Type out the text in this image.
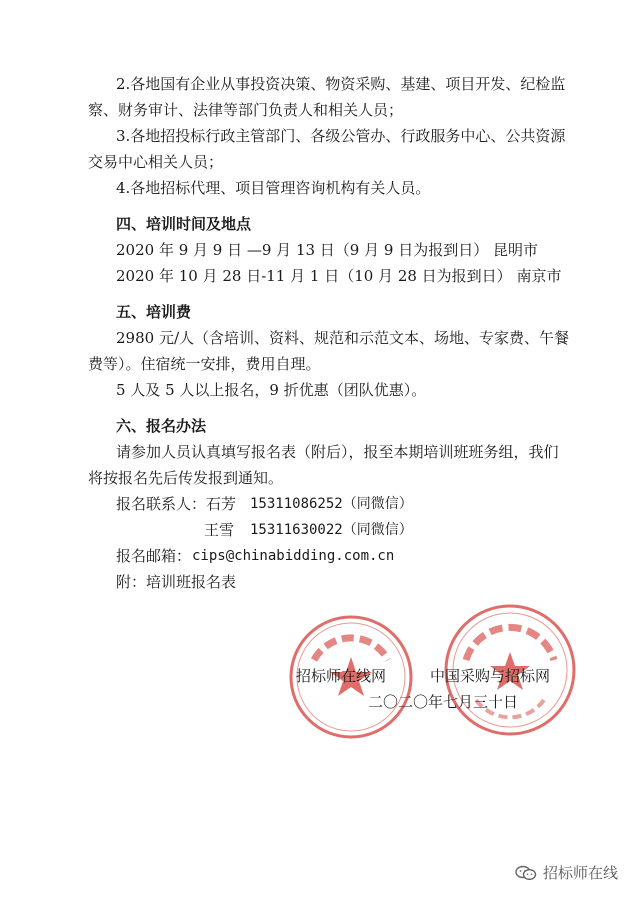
2.各地国有企业从事投资决策、物资采购、基建、项目开发、纪检监
察、财务审计、法律等部门负责人和相关人员；
3.各地招投标行政主管部门、各级公管办、行政服务中心、公共资源
交易中心相关人员；
4.各地招标代理、项目管理咨询机构有关人员。
四、培训时间及地点
2020 年 9 月 9 日 —9 月 13 日（9 月 9 日为报到日） 昆明市
2020 年 10 月 28 日-11 月 1 日（10 月 28 日为报到日） 南京市
五、培训费
2980 元/人（含培训、资料、规范和示范文本、场地、专家费、午餐
费等）。住宿统一安排，费用自理。
5 人及 5 人以上报名，9 折优惠（团队优惠）。
六、报名办法
请参加人员认真填写报名表（附后），报至本期培训班班务组，我们
将按报名先后传发报到通知。
报名联系人：石芳 15311086252（同微信）
王雪 15311630022（同微信）
报名邮箱： cips@chinabidding.com.cn
附：培训班报名表
招标师在线网	中国采购与招标网
二〇二〇年七月三十日
招标师在线
